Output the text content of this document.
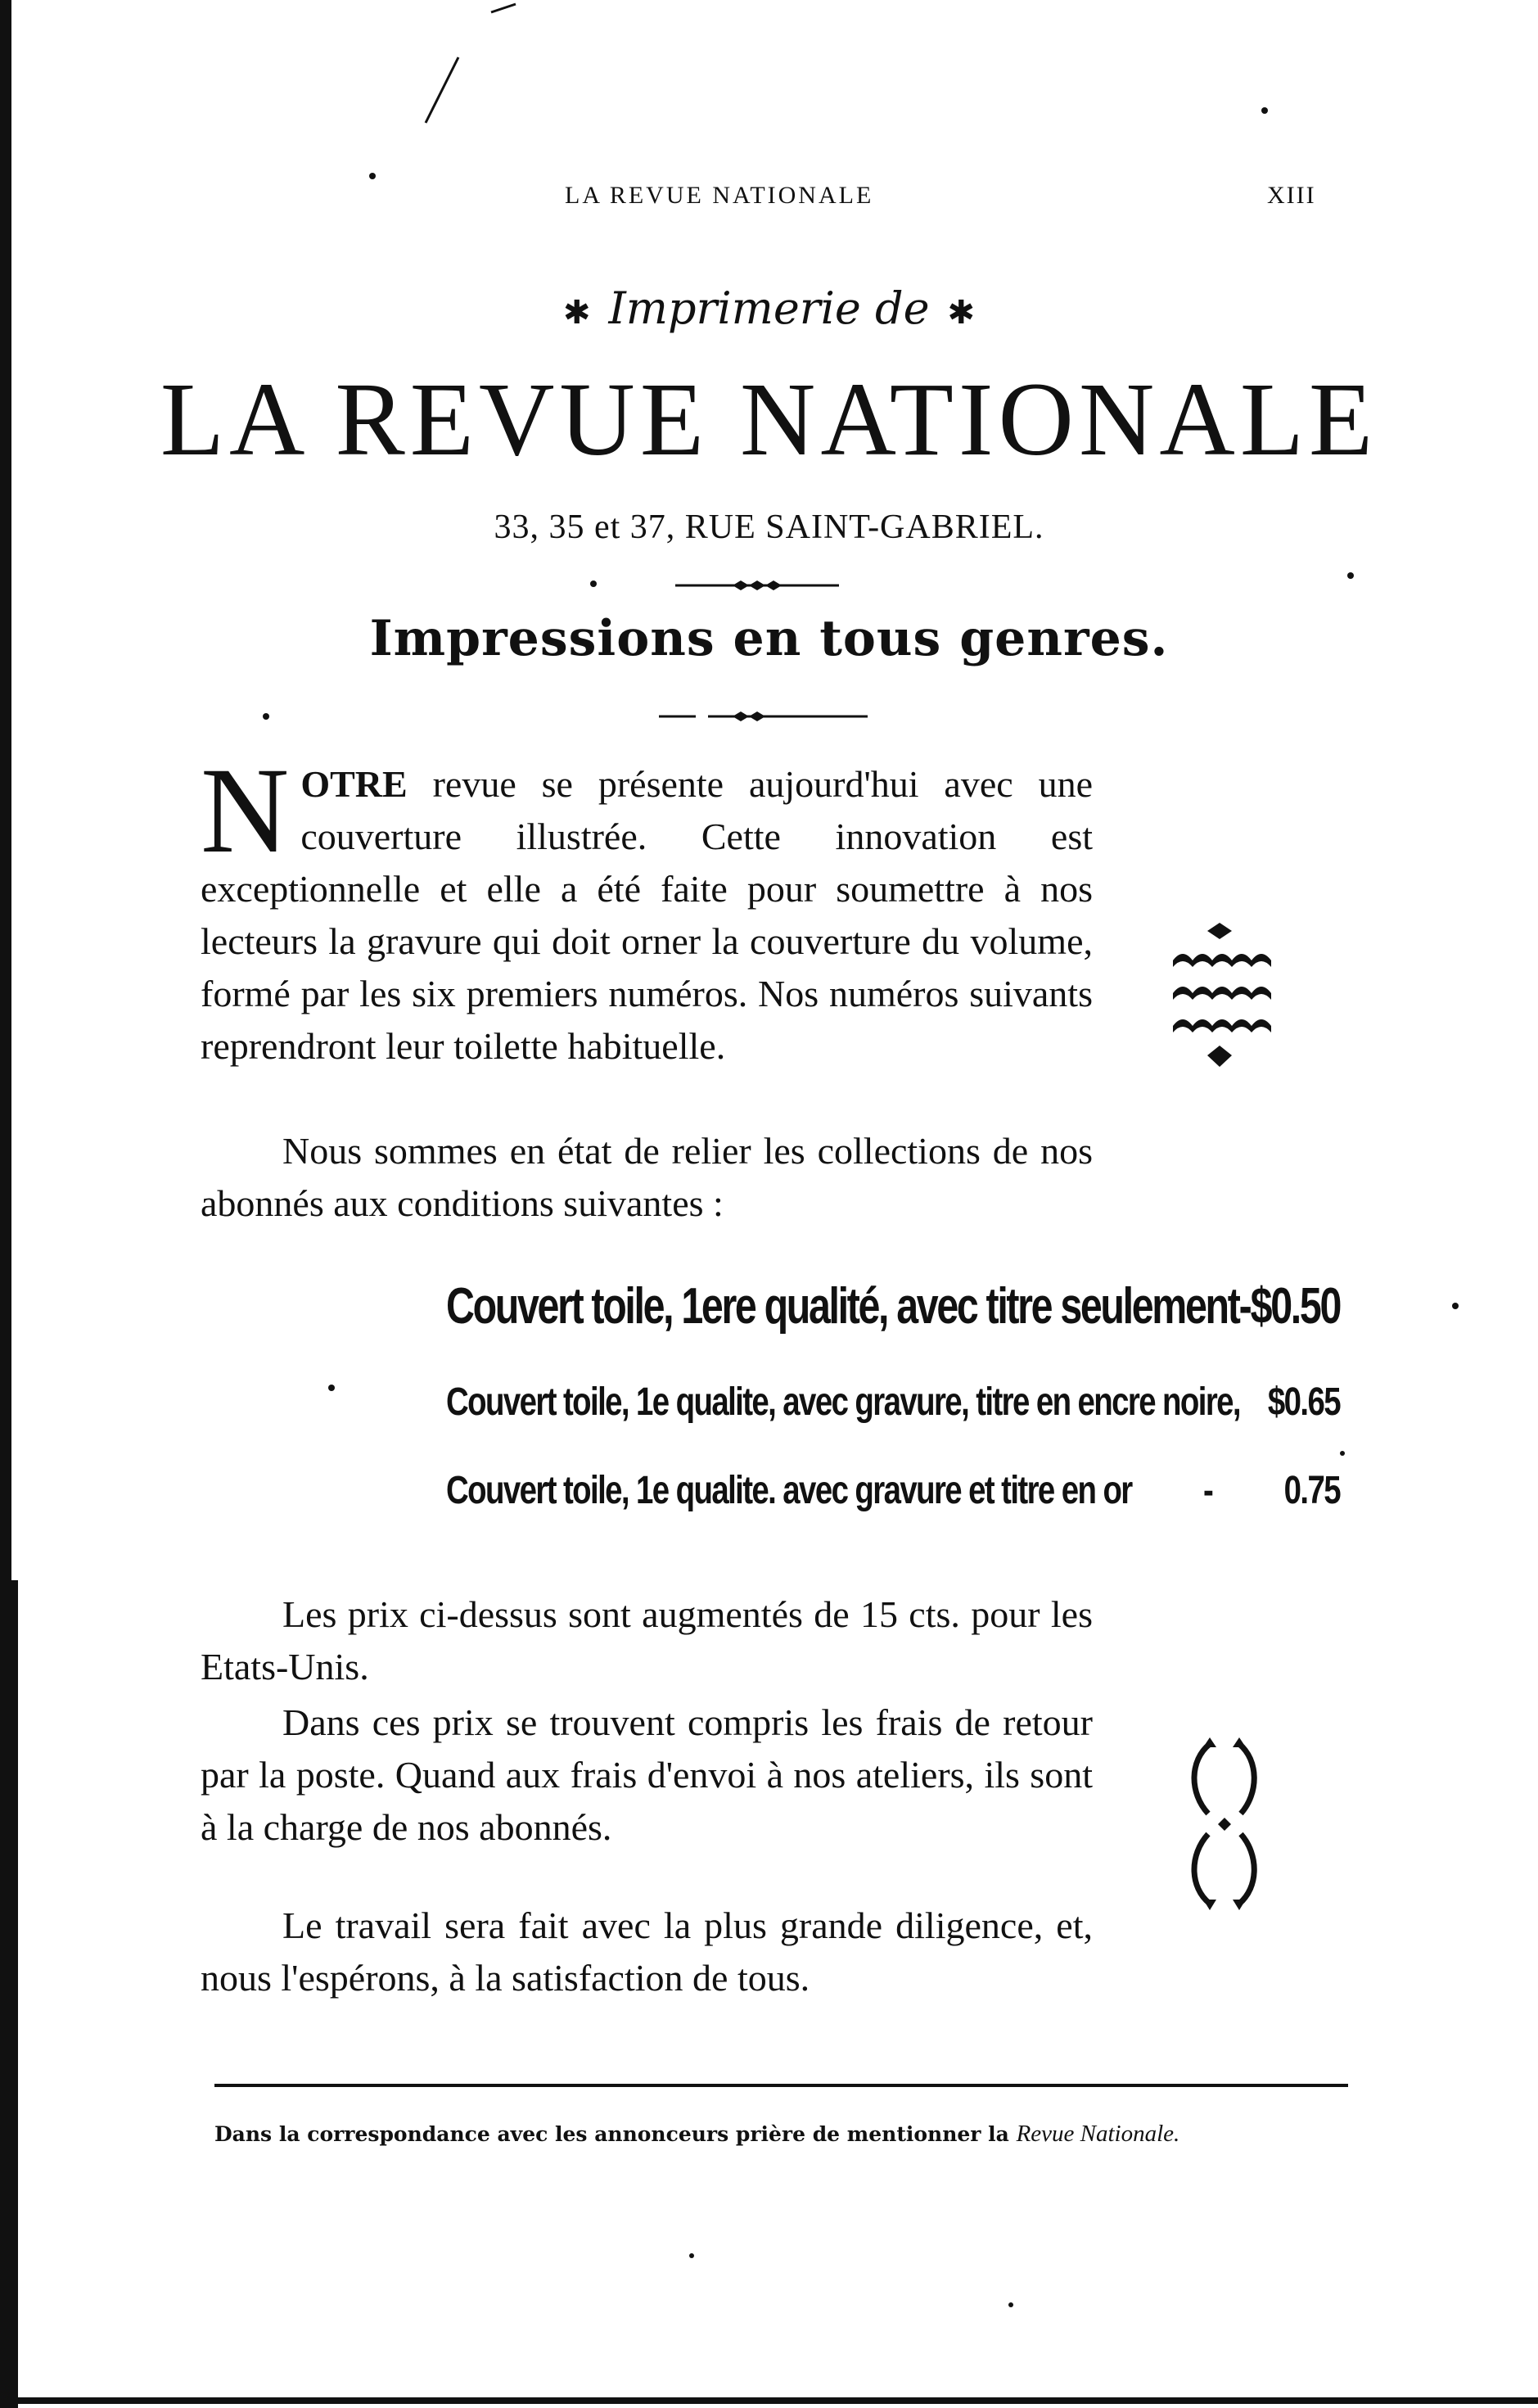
LA REVUE NATIONALE	XIII
✱ Imprimerie de ✱
LA REVUE NATIONALE
33, 35 et 37, RUE SAINT-GABRIEL.
Impressions en tous genres.
NOTRE revue se présente aujourd'hui avec une couverture illustrée. Cette innovation est exceptionnelle et elle a été faite pour soumettre à nos lecteurs la gravure qui doit orner la couverture du volume, formé par les six premiers numéros. Nos numéros suivants reprendront leur toilette habituelle.
Nous sommes en état de relier les collections de nos abonnés aux conditions suivantes :
Couvert toile, 1ere qualité, avec titre seulement - $0.50
Couvert toile, 1e qualite, avec gravure, titre en encre noire, $0.65
Couvert toile, 1e qualite. avec gravure et titre en or	-	0.75
Les prix ci-dessus sont augmentés de 15 cts. pour les Etats-Unis.
Dans ces prix se trouvent compris les frais de retour par la poste. Quand aux frais d'envoi à nos ateliers, ils sont à la charge de nos abonnés.
Le travail sera fait avec la plus grande diligence, et, nous l'espérons, à la satisfaction de tous.
Dans la correspondance avec les annonceurs prière de mentionner la Revue Nationale.
